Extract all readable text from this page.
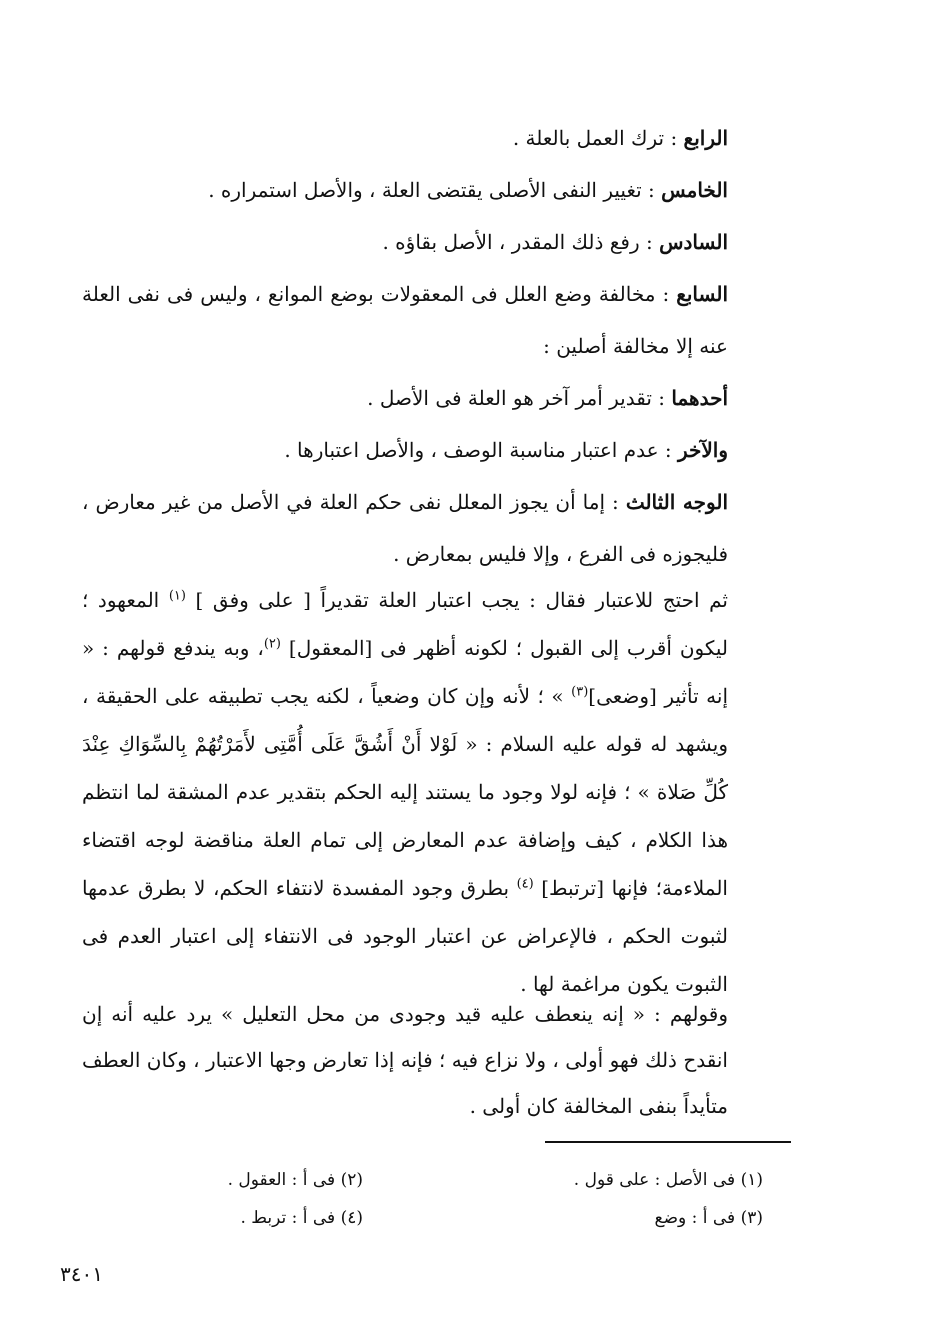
الرابع : ترك العمل بالعلة .

الخامس : تغيير النفى الأصلى يقتضى العلة ، والأصل استمراره .

السادس : رفع ذلك المقدر ، الأصل بقاؤه .

السابع : مخالفة وضع العلل فى المعقولات بوضع الموانع ، وليس فى نفى العلة عنه إلا مخالفة أصلين :

أحدهما : تقدير أمر آخر هو العلة فى الأصل .

والآخر : عدم اعتبار مناسبة الوصف ، والأصل اعتبارها .

الوجه الثالث : إما أن يجوز المعلل نفى حكم العلة في الأصل من غير معارض ، فليجوزه فى الفرع ، وإلا فليس بمعارض .

ثم احتج للاعتبار فقال : يجب اعتبار العلة تقديراً [ على وفق ] $^{(١)}$ المعهود ؛ ليكون أقرب إلى القبول ؛ لكونه أظهر فى [المعقول] $^{(٢)}$، وبه يندفع قولهم : « إنه تأثير [وضعى]$^{(٣)}$ » ؛ لأنه وإن كان وضعياً ، لكنه يجب تطبيقه على الحقيقة ، ويشهد له قوله عليه السلام : « لَوْلا أَنْ أَشُقَّ عَلَى أُمَّتِى لأَمَرْتُهُمْ بِالسِّوَاكِ عِنْدَ كُلِّ صَلاة » ؛ فإنه لولا وجود ما يستند إليه الحكم بتقدير عدم المشقة لما انتظم هذا الكلام ، كيف وإضافة عدم المعارض إلى تمام العلة مناقضة لوجه اقتضاء الملاءمة؛ فإنها [ترتبط] $^{(٤)}$ بطرق وجود المفسدة لانتفاء الحكم، لا بطرق عدمها لثبوت الحكم ، فالإعراض عن اعتبار الوجود فى الانتفاء إلى اعتبار العدم فى الثبوت يكون مراغمة لها .

وقولهم : « إنه ينعطف عليه قيد وجودى من محل التعليل » يرد عليه أنه إن انقدح ذلك فهو أولى ، ولا نزاع فيه ؛ فإنه إذا تعارض وجها الاعتبار ، وكان العطف متأيداً بنفى المخالفة كان أولى .

(١) فى الأصل : على قول .
(٢) فى أ : العقول .
(٣) فى أ : وضع
(٤) فى أ : تربط .
٣٤٠١
